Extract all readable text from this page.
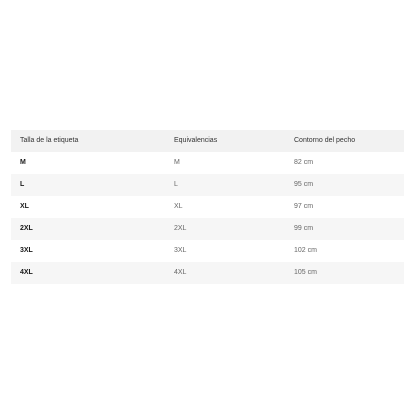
Talla de la etiqueta	Equivalencias	Contorno del pecho
M	M	82 cm
L	L	95 cm
XL	XL	97 cm
2XL	2XL	99 cm
3XL	3XL	102 cm
4XL	4XL	105 cm
